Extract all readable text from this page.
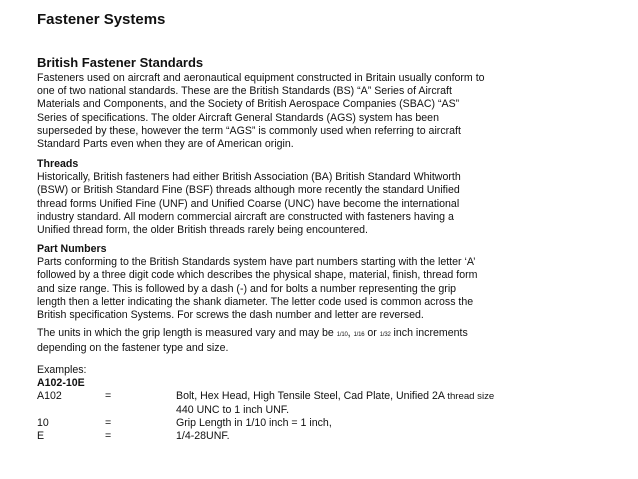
Fastener Systems
British Fastener Standards
Fasteners used on aircraft and aeronautical equipment constructed in Britain usually conform to
one of two national standards. These are the British Standards (BS) “A” Series of Aircraft
Materials and Components, and the Society of British Aerospace Companies (SBAC) “AS”
Series of specifications. The older Aircraft General Standards (AGS) system has been
superseded by these, however the term “AGS” is commonly used when referring to aircraft
Standard Parts even when they are of American origin.
Threads
Historically, British fasteners had either British Association (BA) British Standard Whitworth
(BSW) or British Standard Fine (BSF) threads although more recently the standard Unified
thread forms Unified Fine (UNF) and Unified Coarse (UNC) have become the international
industry standard. All modern commercial aircraft are constructed with fasteners having a
Unified thread form, the older British threads rarely being encountered.
Part Numbers
Parts conforming to the British Standards system have part numbers starting with the letter ‘A’
followed by a three digit code which describes the physical shape, material, finish, thread form
and size range. This is followed by a dash (-) and for bolts a number representing the grip
length then a letter indicating the shank diameter. The letter code used is common across the
British specification Systems. For screws the dash number and letter are reversed.
The units in which the grip length is measured vary and may be 1/10, 1/16 or 1/32 inch increments
depending on the fastener type and size.
Examples:
A102-10E
A102	=	Bolt, Hex Head, High Tensile Steel, Cad Plate, Unified 2A thread size
440 UNC to 1 inch UNF.
10	=	Grip Length in 1/10 inch = 1 inch,
E	=	1/4-28UNF.
